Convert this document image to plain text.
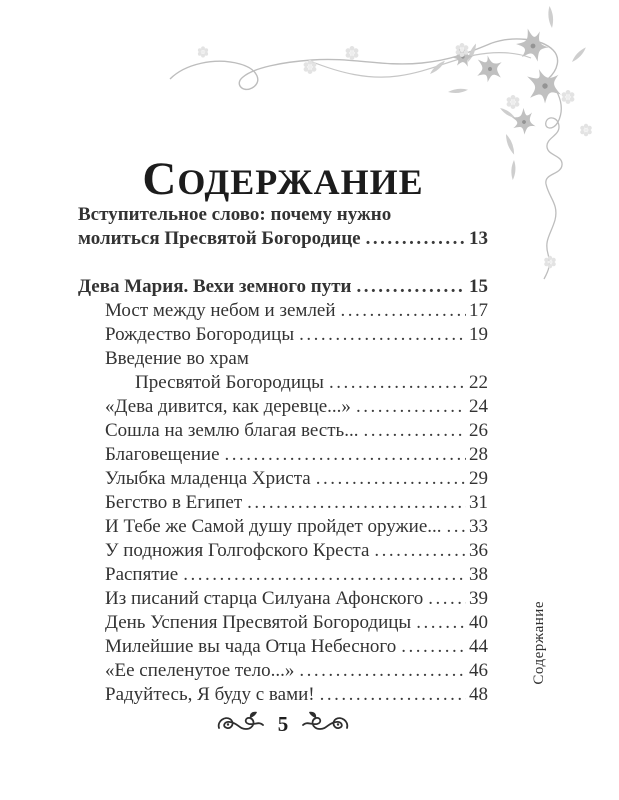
СОДЕРЖАНИЕ
Вступительное слово: почему нужно
молиться Пресвятой Богородице .....	13
Дева Мария. Вехи земного пути .....	15
Мост между небом и землей .....	17
Рождество Богородицы .....	19
Введение во храм
Пресвятой Богородицы .....	22
«Дева дивится, как деревце...» .....	24
Сошла на землю благая весть... .....	26
Благовещение .....	28
Улыбка младенца Христа .....	29
Бегство в Египет .....	31
И Тебе же Самой душу пройдет оружие... ..... 33
У подножия Голгофского Креста .....	36
Распятие .....	38
Из писаний старца Силуана Афонского ..... 39
День Успения Пресвятой Богородицы .....	40
Милейшие вы чада Отца Небесного .....	44
«Ее спеленутое тело...» .....	46
Радуйтесь, Я буду с вами! .....	48
Содержание
5
